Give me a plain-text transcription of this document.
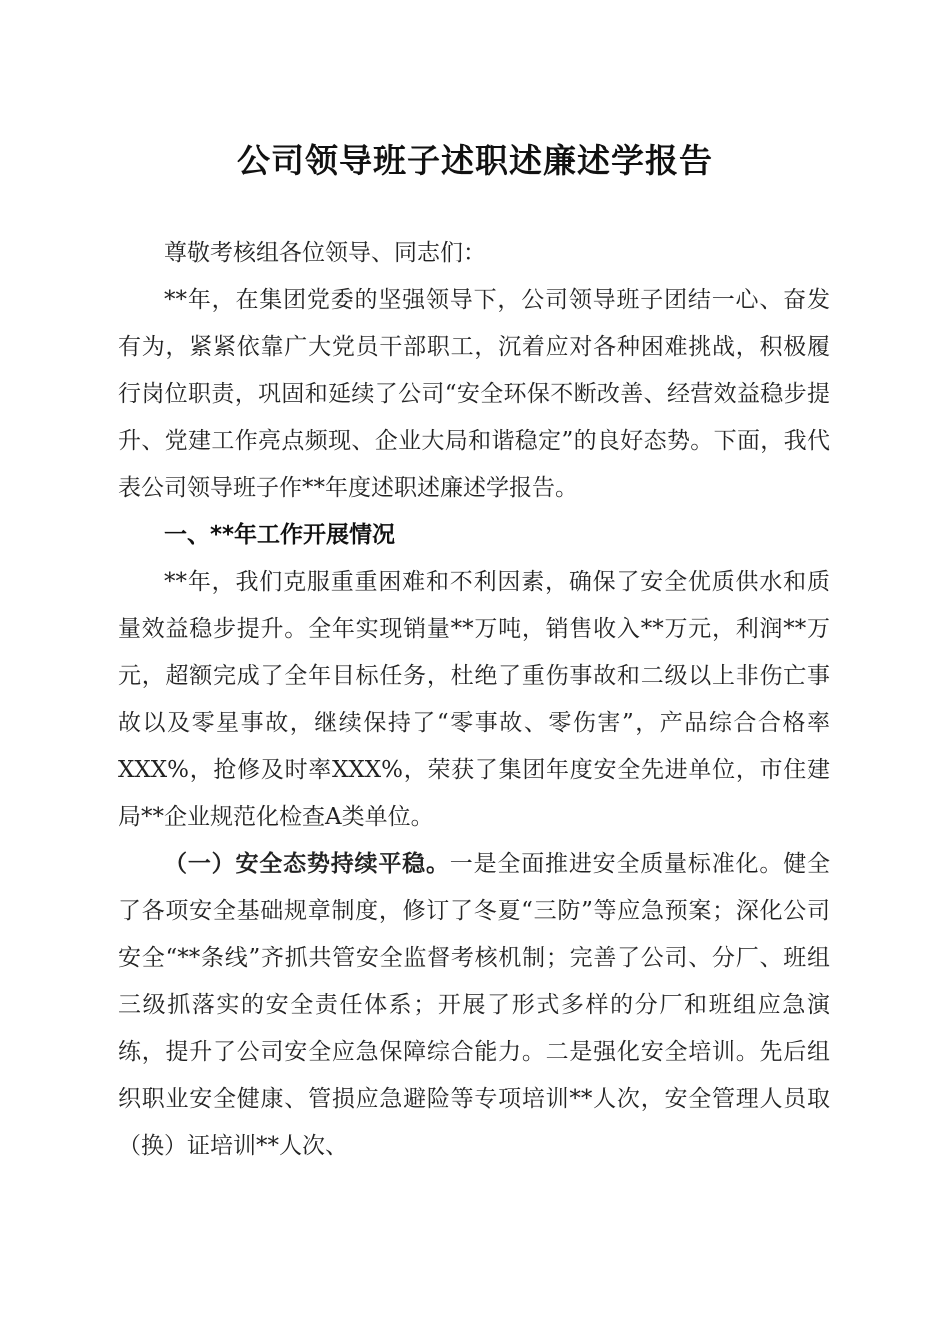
公司领导班子述职述廉述学报告

尊敬考核组各位领导、同志们：

**年，在集团党委的坚强领导下，公司领导班子团结一心、奋发有为，紧紧依靠广大党员干部职工，沉着应对各种困难挑战，积极履行岗位职责，巩固和延续了公司“安全环保不断改善、经营效益稳步提升、党建工作亮点频现、企业大局和谐稳定”的良好态势。下面，我代表公司领导班子作**年度述职述廉述学报告。

一、**年工作开展情况

**年，我们克服重重困难和不利因素，确保了安全优质供水和质量效益稳步提升。全年实现销量**万吨，销售收入**万元，利润**万元，超额完成了全年目标任务，杜绝了重伤事故和二级以上非伤亡事故以及零星事故，继续保持了“零事故、零伤害”，产品综合合格率XXX%，抢修及时率XXX%，荣获了集团年度安全先进单位，市住建局**企业规范化检查A类单位。

（一）安全态势持续平稳。一是全面推进安全质量标准化。健全了各项安全基础规章制度，修订了冬夏“三防”等应急预案；深化公司安全“**条线”齐抓共管安全监督考核机制；完善了公司、分厂、班组三级抓落实的安全责任体系；开展了形式多样的分厂和班组应急演练，提升了公司安全应急保障综合能力。二是强化安全培训。先后组织职业安全健康、管损应急避险等专项培训**人次，安全管理人员取（换）证培训**人次、
